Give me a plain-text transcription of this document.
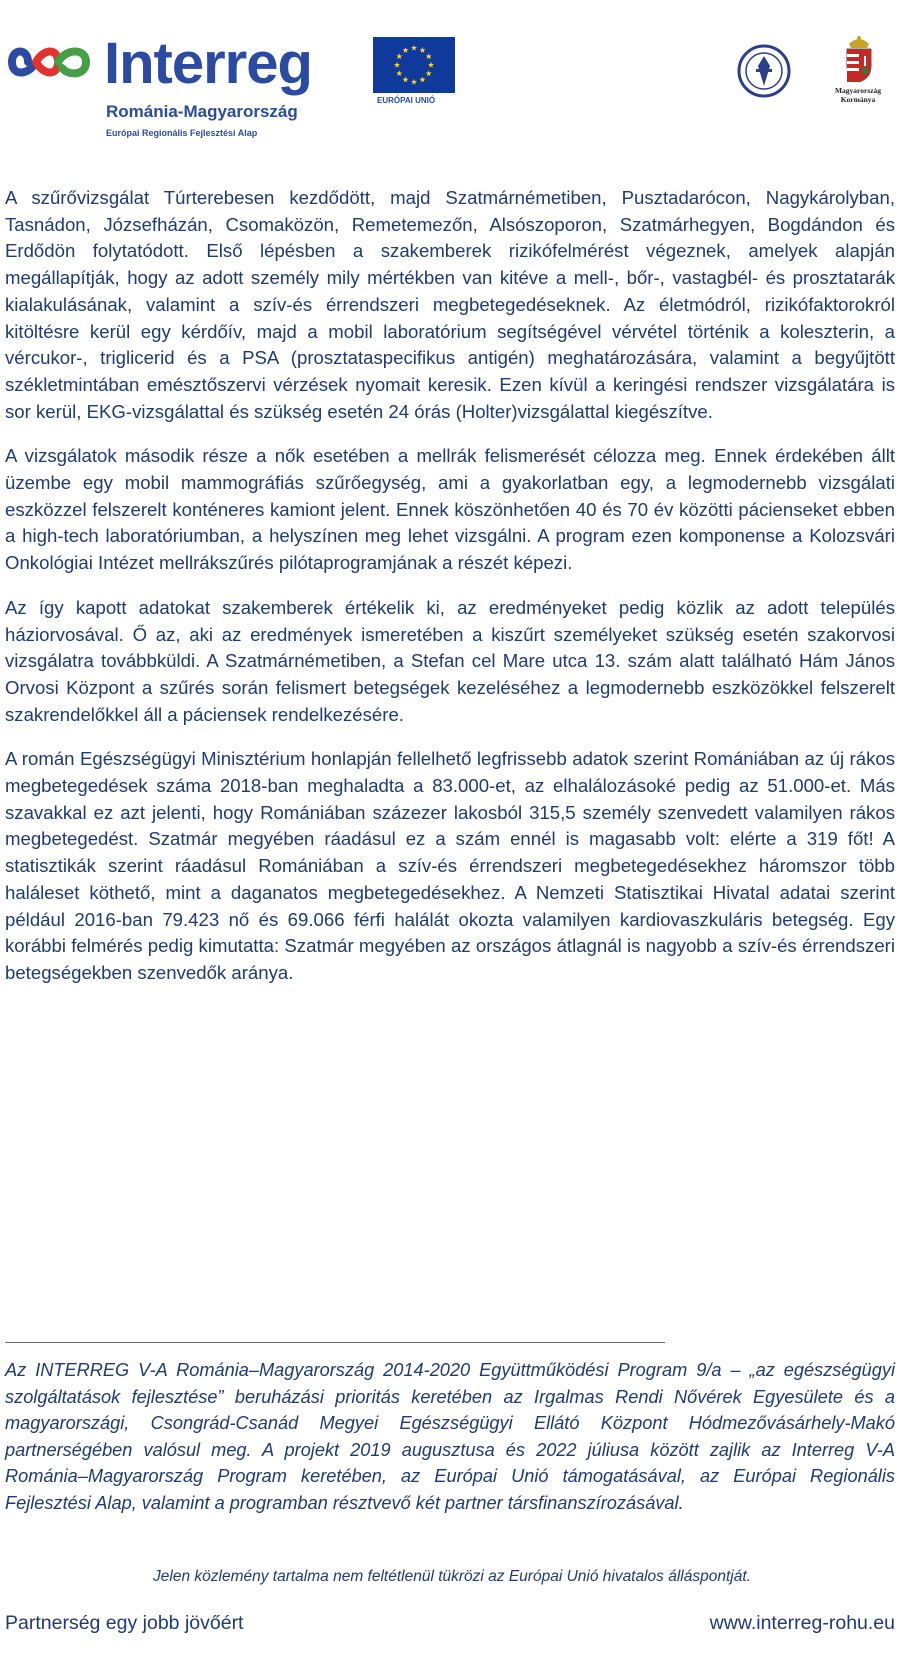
Interreg
Románia-Magyarország
Európai Regionális Fejlesztési Alap
EURÓPAI UNIÓ
Magyarország Kormánya

A szűrővizsgálat Túrterebesen kezdődött, majd Szatmárnémetiben, Pusztadarócon, Nagykárolyban, Tasnádon, Józsefházán, Csomaközön, Remetemezőn, Alsószoporon, Szatmárhegyen, Bogdándon és Erdődön folytatódott. Első lépésben a szakemberek rizikófelmérést végeznek, amelyek alapján megállapítják, hogy az adott személy mily mértékben van kitéve a mell-, bőr-, vastagbél- és prosztatarák kialakulásának, valamint a szív-és érrendszeri megbetegedéseknek. Az életmódról, rizikófaktorokról kitöltésre kerül egy kérdőív, majd a mobil laboratórium segítségével vérvétel történik a koleszterin, a vércukor-, triglicerid és a PSA (prosztataspecifikus antigén) meghatározására, valamint a begyűjtött székletmintában emésztőszervi vérzések nyomait keresik. Ezen kívül a keringési rendszer vizsgálatára is sor kerül, EKG-vizsgálattal és szükség esetén 24 órás (Holter)vizsgálattal kiegészítve.

A vizsgálatok második része a nők esetében a mellrák felismerését célozza meg. Ennek érdekében állt üzembe egy mobil mammográfiás szűrőegység, ami a gyakorlatban egy, a legmodernebb vizsgálati eszközzel felszerelt konténeres kamiont jelent. Ennek köszönhetően 40 és 70 év közötti pácienseket ebben a high-tech laboratóriumban, a helyszínen meg lehet vizsgálni. A program ezen komponense a Kolozsvári Onkológiai Intézet mellrákszűrés pilótaprogramjának a részét képezi.

Az így kapott adatokat szakemberek értékelik ki, az eredményeket pedig közlik az adott település háziorvosával. Ő az, aki az eredmények ismeretében a kiszűrt személyeket szükség esetén szakorvosi vizsgálatra továbbküldi. A Szatmárnémetiben, a Stefan cel Mare utca 13. szám alatt található Hám János Orvosi Központ a szűrés során felismert betegségek kezeléséhez a legmodernebb eszközökkel felszerelt szakrendelőkkel áll a páciensek rendelkezésére.

A román Egészségügyi Minisztérium honlapján fellelhető legfrissebb adatok szerint Romániában az új rákos megbetegedések száma 2018-ban meghaladta a 83.000-et, az elhalálozásoké pedig az 51.000-et. Más szavakkal ez azt jelenti, hogy Romániában százezer lakosból 315,5 személy szenvedett valamilyen rákos megbetegedést. Szatmár megyében ráadásul ez a szám ennél is magasabb volt: elérte a 319 főt! A statisztikák szerint ráadásul Romániában a szív-és érrendszeri megbetegedésekhez háromszor több haláleset köthető, mint a daganatos megbetegedésekhez. A Nemzeti Statisztikai Hivatal adatai szerint például 2016-ban 79.423 nő és 69.066 férfi halálát okozta valamilyen kardiovaszkuláris betegség. Egy korábbi felmérés pedig kimutatta: Szatmár megyében az országos átlagnál is nagyobb a szív-és érrendszeri betegségekben szenvedők aránya.

Az INTERREG V-A Románia–Magyarország 2014-2020 Együttműködési Program 9/a – „az egészségügyi szolgáltatások fejlesztése” beruházási prioritás keretében az Irgalmas Rendi Nővérek Egyesülete és a magyarországi, Csongrád-Csanád Megyei Egészségügyi Ellátó Központ Hódmezővásárhely-Makó partnerségében valósul meg. A projekt 2019 augusztusa és 2022 júliusa között zajlik az Interreg V-A Románia–Magyarország Program keretében, az Európai Unió támogatásával, az Európai Regionális Fejlesztési Alap, valamint a programban résztvevő két partner társfinanszírozásával.

Jelen közlemény tartalma nem feltétlenül tükrözi az Európai Unió hivatalos álláspontját.

Partnerség egy jobb jövőért	www.interreg-rohu.eu
